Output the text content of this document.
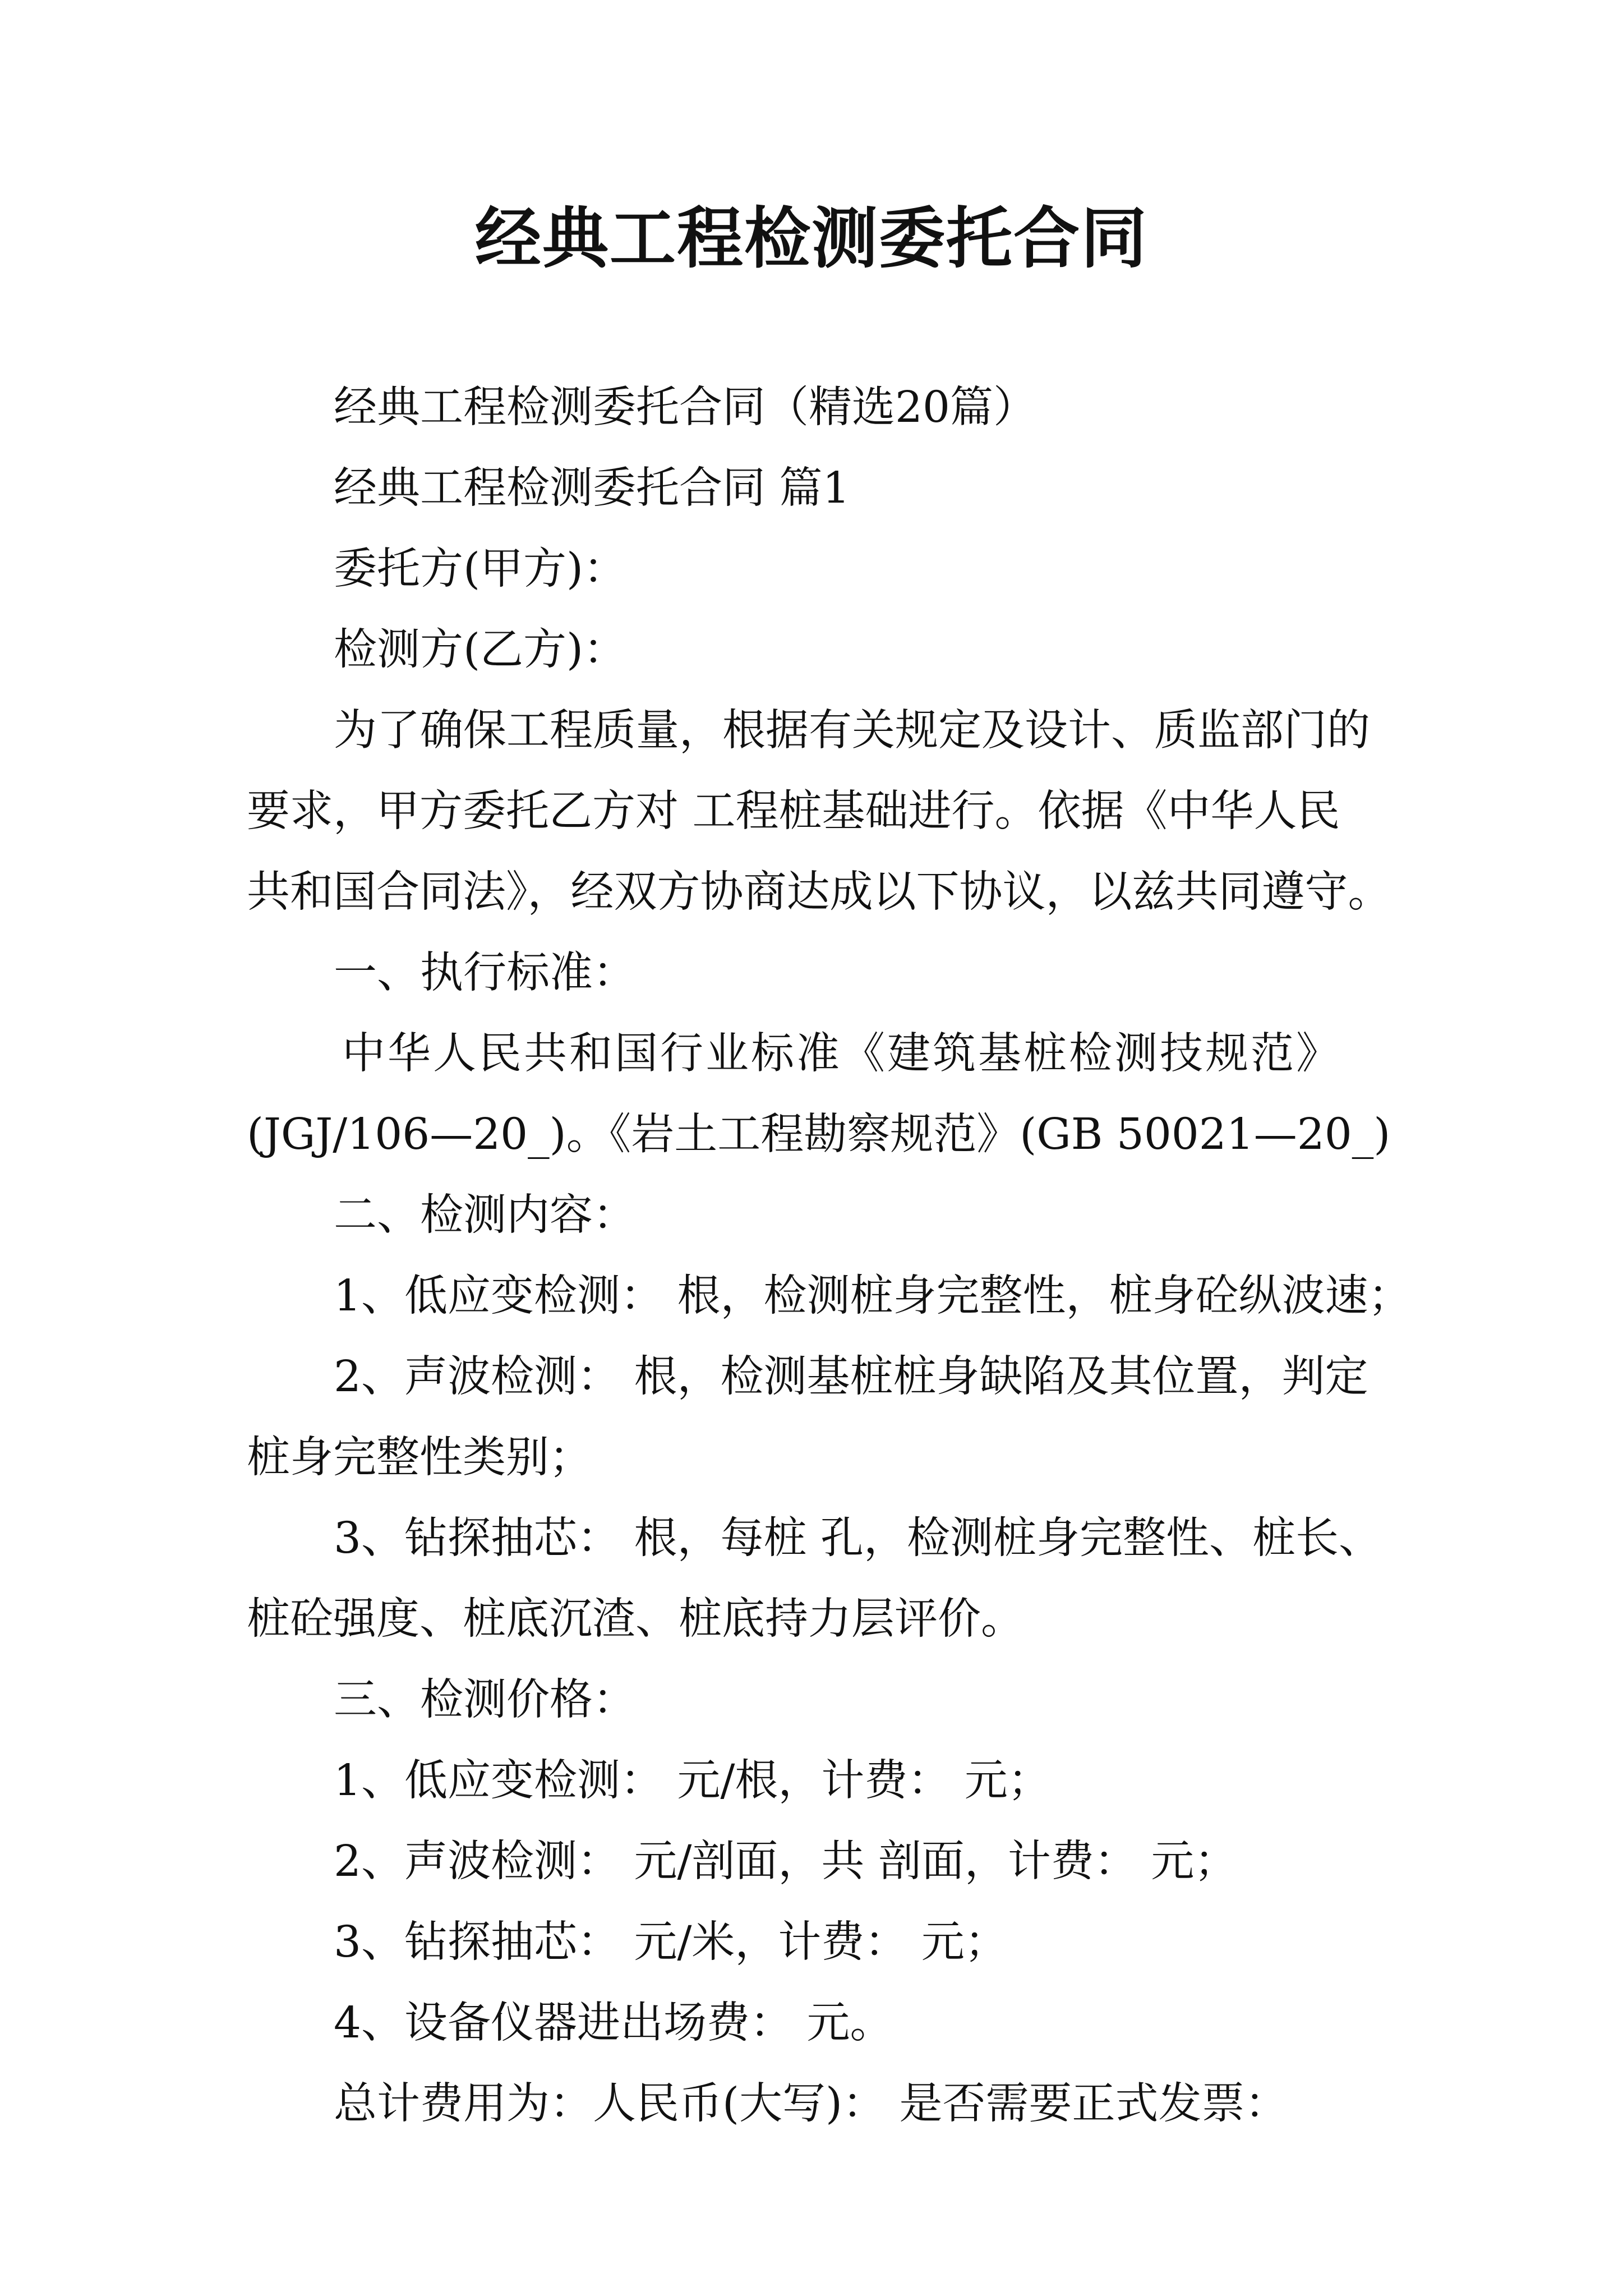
经典工程检测委托合同
经典工程检测委托合同（精选20篇）
经典工程检测委托合同 篇1
委托方(甲方)：
检测方(乙方)：
为了确保工程质量，根据有关规定及设计、质监部门的
要求，甲方委托乙方对 工程桩基础进行。依据《中华人民
共和国合同法》，经双方协商达成以下协议，以兹共同遵守。
一、执行标准：
中华人民共和国行业标准《建筑基桩检测技规范》
(JGJ/106—20_)。《岩土工程勘察规范》(GB 50021—20_)
二、检测内容：
1、低应变检测： 根，检测桩身完整性，桩身砼纵波速；
2、声波检测： 根，检测基桩桩身缺陷及其位置，判定
桩身完整性类别；
3、钻探抽芯： 根，每桩 孔，检测桩身完整性、桩长、
桩砼强度、桩底沉渣、桩底持力层评价。
三、检测价格：
1、低应变检测： 元/根，计费： 元；
2、声波检测： 元/剖面，共 剖面，计费： 元；
3、钻探抽芯： 元/米，计费： 元；
4、设备仪器进出场费： 元。
总计费用为：人民币(大写)： 是否需要正式发票：
